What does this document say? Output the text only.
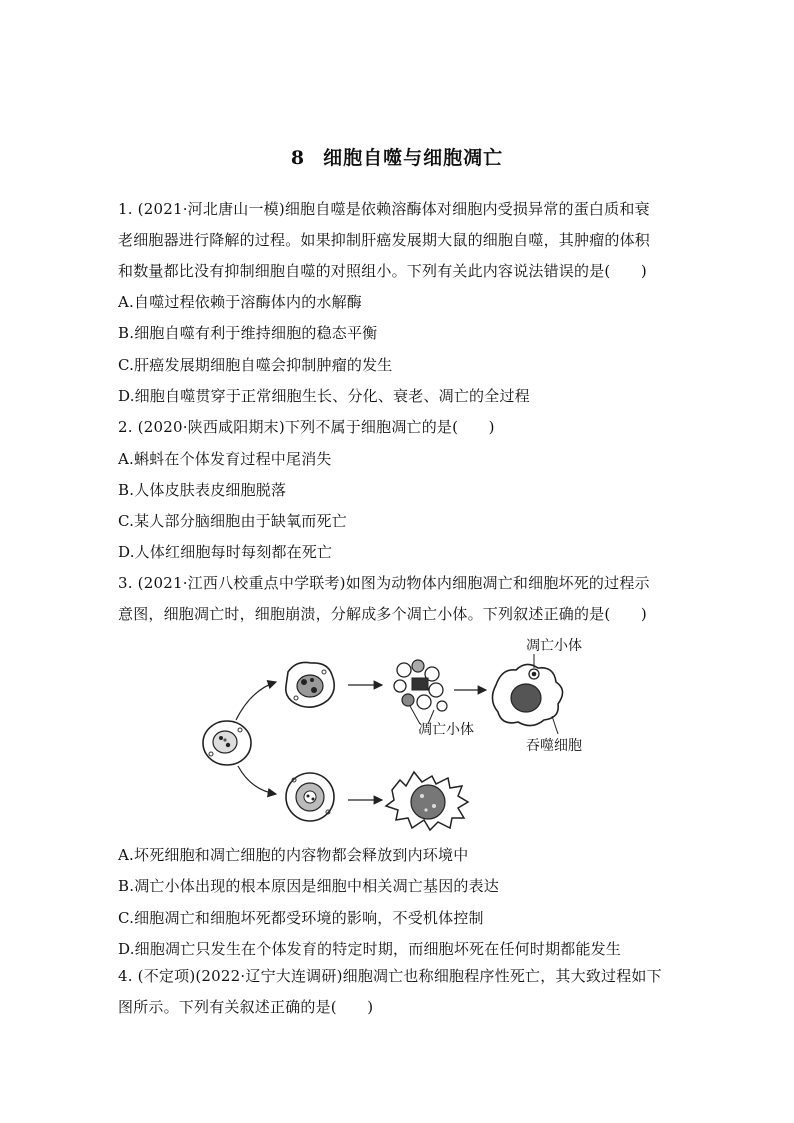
8 细胞自噬与细胞凋亡
1. (2021·河北唐山一模)细胞自噬是依赖溶酶体对细胞内受损异常的蛋白质和衰
老细胞器进行降解的过程。如果抑制肝癌发展期大鼠的细胞自噬，其肿瘤的体积
和数量都比没有抑制细胞自噬的对照组小。下列有关此内容说法错误的是(　　)
A.自噬过程依赖于溶酶体内的水解酶
B.细胞自噬有利于维持细胞的稳态平衡
C.肝癌发展期细胞自噬会抑制肿瘤的发生
D.细胞自噬贯穿于正常细胞生长、分化、衰老、凋亡的全过程
2. (2020·陕西咸阳期末)下列不属于细胞凋亡的是(　　)
A.蝌蚪在个体发育过程中尾消失
B.人体皮肤表皮细胞脱落
C.某人部分脑细胞由于缺氧而死亡
D.人体红细胞每时每刻都在死亡
3. (2021·江西八校重点中学联考)如图为动物体内细胞凋亡和细胞坏死的过程示
意图，细胞凋亡时，细胞崩溃，分解成多个凋亡小体。下列叙述正确的是(　　)
凋亡小体
凋亡小体
吞噬细胞
A.坏死细胞和凋亡细胞的内容物都会释放到内环境中
B.凋亡小体出现的根本原因是细胞中相关凋亡基因的表达
C.细胞凋亡和细胞坏死都受环境的影响，不受机体控制
D.细胞凋亡只发生在个体发育的特定时期，而细胞坏死在任何时期都能发生
4. (不定项)(2022·辽宁大连调研)细胞凋亡也称细胞程序性死亡，其大致过程如下
图所示。下列有关叙述正确的是(　　)
